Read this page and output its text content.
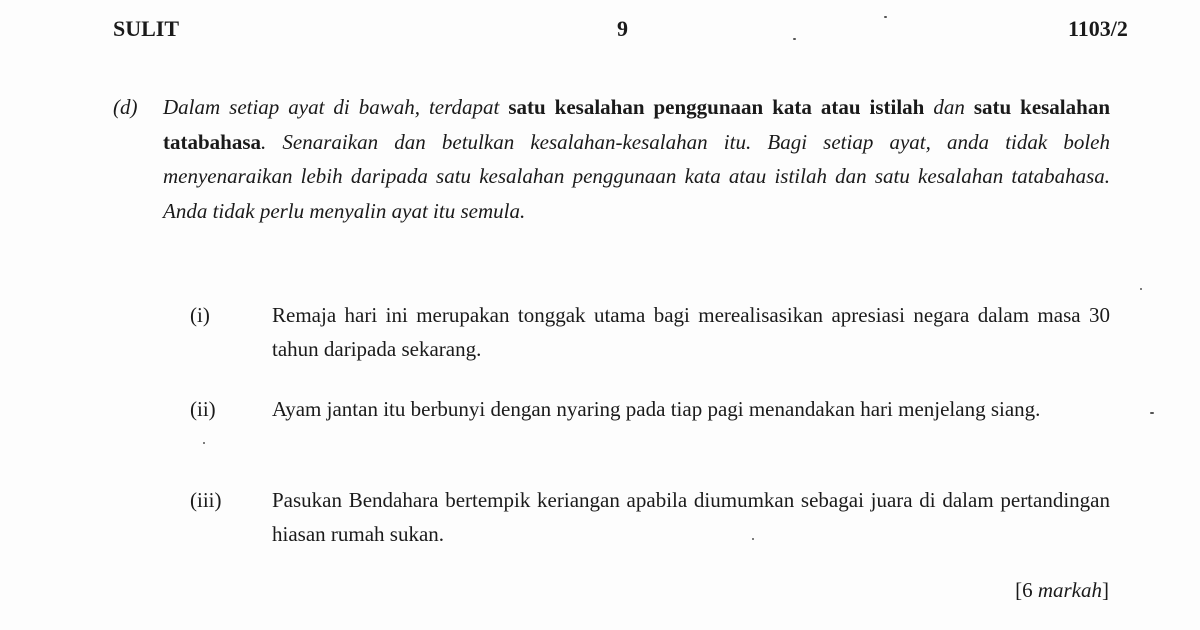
SULIT	9	1103/2
(d) Dalam setiap ayat di bawah, terdapat satu kesalahan penggunaan kata atau istilah dan satu kesalahan tatabahasa. Senaraikan dan betulkan kesalahan-kesalahan itu. Bagi setiap ayat, anda tidak boleh menyenaraikan lebih daripada satu kesalahan penggunaan kata atau istilah dan satu kesalahan tatabahasa. Anda tidak perlu menyalin ayat itu semula.
(i)	Remaja hari ini merupakan tonggak utama bagi merealisasikan apresiasi negara dalam masa 30 tahun daripada sekarang.
(ii)	Ayam jantan itu berbunyi dengan nyaring pada tiap pagi menandakan hari menjelang siang.
(iii) Pasukan Bendahara bertempik keriangan apabila diumumkan sebagai juara di dalam pertandingan hiasan rumah sukan.
[6 markah]
